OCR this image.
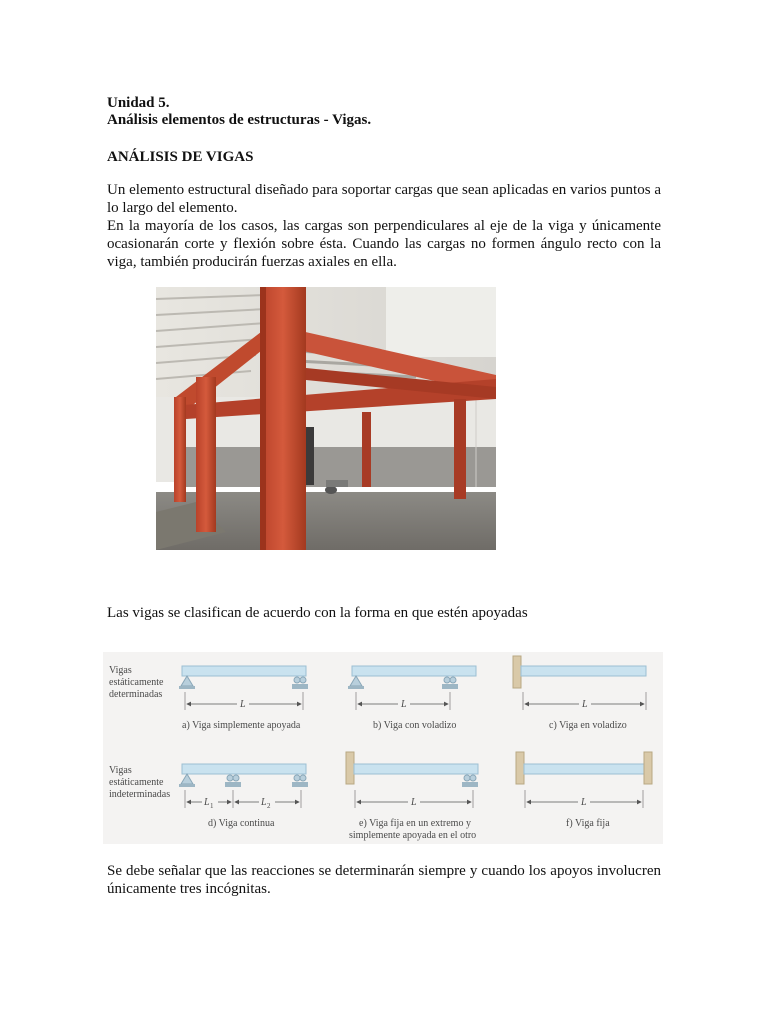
Unidad 5.
Análisis elementos de estructuras - Vigas.
ANÁLISIS DE VIGAS
Un elemento estructural diseñado para soportar cargas que sean aplicadas en varios puntos a lo largo del elemento.
En la mayoría de los casos, las cargas son perpendiculares al eje de la viga y únicamente ocasionarán corte y flexión sobre ésta. Cuando las cargas no formen ángulo recto con la viga, también producirán fuerzas axiales en ella.
Las vigas se clasifican de acuerdo con la forma en que estén apoyadas
Vigas
estáticamente
determinadas
Vigas
estáticamente
indeterminadas
L
a) Viga simplemente apoyada
L
b) Viga con voladizo
L
c) Viga en voladizo
L 1	L 2
d) Viga continua
L
e) Viga fija en un extremo y
simplemente apoyada en el otro
L
f) Viga fija
Se debe señalar que las reacciones se determinarán siempre y cuando los apoyos involucren únicamente tres incógnitas.
